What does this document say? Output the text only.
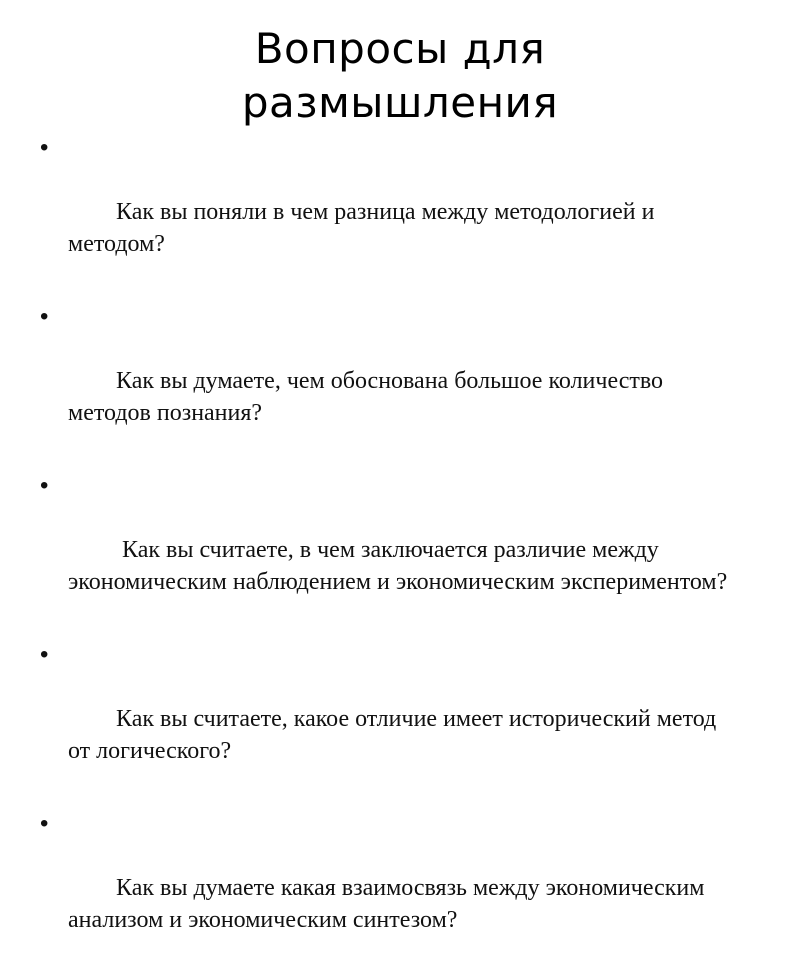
Вопросы для
размышления

•

Как вы поняли в чем разница между методологией и методом?

•

Как вы думаете, чем обоснована большое количество методов познания?

•

Как вы считаете, в чем заключается различие между экономическим наблюдением и экономическим экспериментом?

•

Как вы считаете, какое отличие имеет исторический метод от логического?

•

Как вы думаете какая взаимосвязь между экономическим анализом и экономическим синтезом?
